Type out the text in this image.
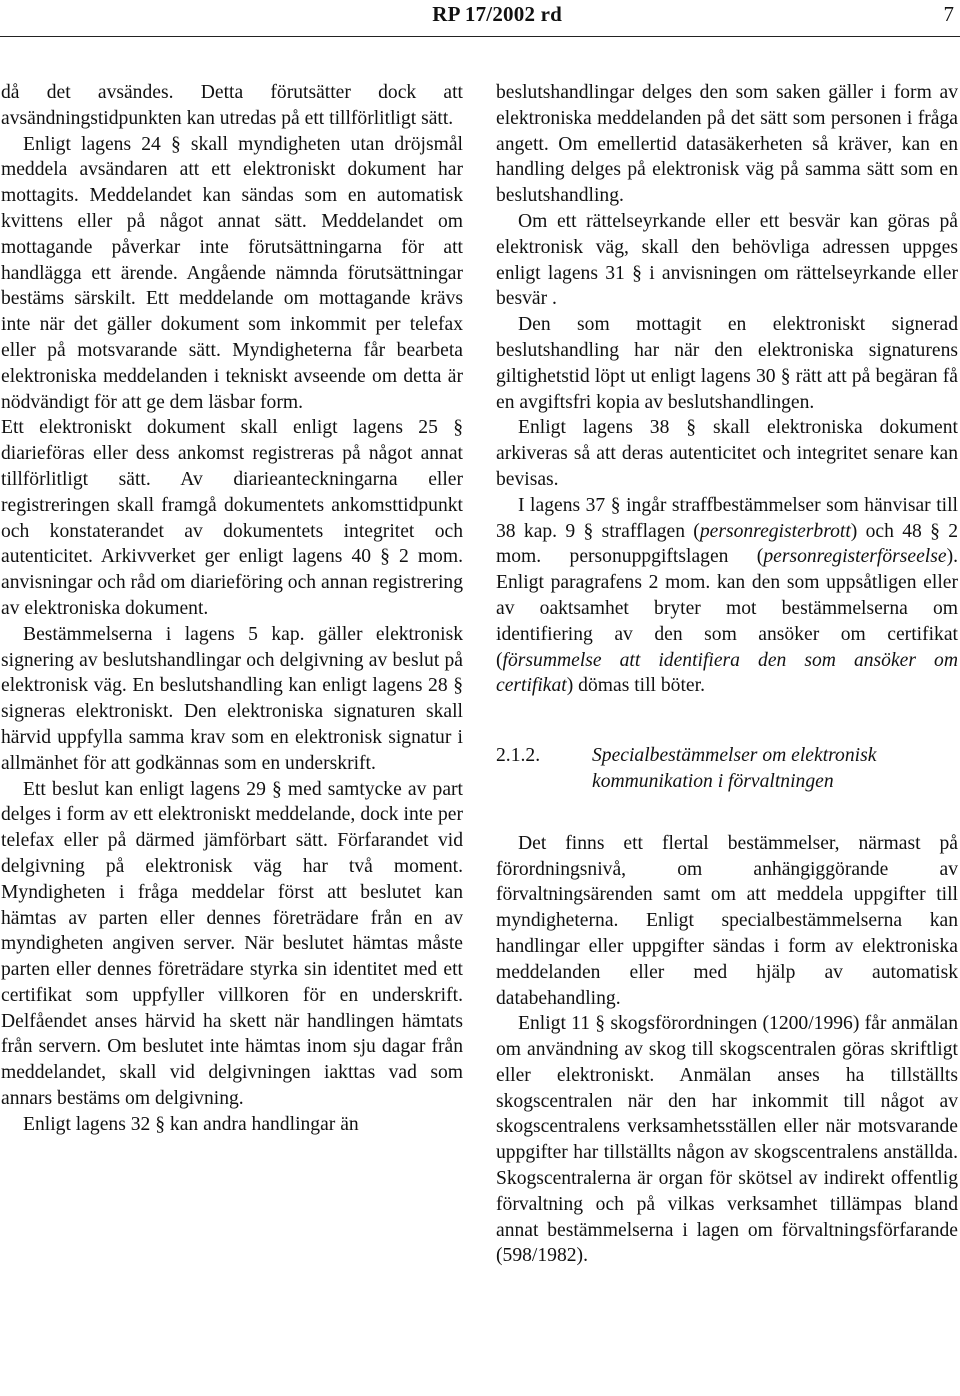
RP 17/2002 rd	7

då det avsändes. Detta förutsätter dock att avsändningstidpunkten kan utredas på ett tillförlitligt sätt.

Enligt lagens 24 § skall myndigheten utan dröjsmål meddela avsändaren att ett elektroniskt dokument har mottagits. Meddelandet kan sändas som en automatisk kvittens eller på något annat sätt. Meddelandet om mottagande påverkar inte förutsättningarna för att handlägga ett ärende. Angående nämnda förutsättningar bestäms särskilt. Ett meddelande om mottagande krävs inte när det gäller dokument som inkommit per telefax eller på motsvarande sätt. Myndigheterna får bearbeta elektroniska meddelanden i tekniskt avseende om detta är nödvändigt för att ge dem läsbar form.

Ett elektroniskt dokument skall enligt lagens 25 § diarieföras eller dess ankomst registreras på något annat tillförlitligt sätt. Av diarieanteckningarna eller registreringen skall framgå dokumentets ankomsttidpunkt och konstaterandet av dokumentets integritet och autenticitet. Arkivverket ger enligt lagens 40 § 2 mom. anvisningar och råd om diarieföring och annan registrering av elektroniska dokument.

Bestämmelserna i lagens 5 kap. gäller elektronisk signering av beslutshandlingar och delgivning av beslut på elektronisk väg. En beslutshandling kan enligt lagens 28 § signeras elektroniskt. Den elektroniska signaturen skall härvid uppfylla samma krav som en elektronisk signatur i allmänhet för att godkännas som en underskrift.

Ett beslut kan enligt lagens 29 § med samtycke av part delges i form av ett elektroniskt meddelande, dock inte per telefax eller på därmed jämförbart sätt. Förfarandet vid delgivning på elektronisk väg har två moment. Myndigheten i fråga meddelar först att beslutet kan hämtas av parten eller dennes företrädare från en av myndigheten angiven server. När beslutet hämtas måste parten eller dennes företrädare styrka sin identitet med ett certifikat som uppfyller villkoren för en underskrift. Delfåendet anses härvid ha skett när handlingen hämtats från servern. Om beslutet inte hämtas inom sju dagar från meddelandet, skall vid delgivningen iakttas vad som annars bestäms om delgivning.

Enligt lagens 32 § kan andra handlingar än

beslutshandlingar delges den som saken gäller i form av elektroniska meddelanden på det sätt som personen i fråga angett. Om emellertid datasäkerheten så kräver, kan en handling delges på elektronisk väg på samma sätt som en beslutshandling.

Om ett rättelseyrkande eller ett besvär kan göras på elektronisk väg, skall den behövliga adressen uppges enligt lagens 31 § i anvisningen om rättelseyrkande eller besvär .

Den som mottagit en elektroniskt signerad beslutshandling har när den elektroniska signaturens giltighetstid löpt ut enligt lagens 30 § rätt att på begäran få en avgiftsfri kopia av beslutshandlingen.

Enligt lagens 38 § skall elektroniska dokument arkiveras så att deras autenticitet och integritet senare kan bevisas.

I lagens 37 § ingår straffbestämmelser som hänvisar till 38 kap. 9 § strafflagen (personregisterbrott) och 48 § 2 mom. personuppgiftslagen (personregisterförseelse). Enligt paragrafens 2 mom. kan den som uppsåtligen eller av oaktsamhet bryter mot bestämmelserna om identifiering av den som ansöker om certifikat (försummelse att identifiera den som ansöker om certifikat) dömas till böter.

2.1.2.	Specialbestämmelser om elektronisk kommunikation i förvaltningen

Det finns ett flertal bestämmelser, närmast på förordningsnivå, om anhängiggörande av förvaltningsärenden samt om att meddela uppgifter till myndigheterna. Enligt specialbestämmelserna kan handlingar eller uppgifter sändas i form av elektroniska meddelanden eller med hjälp av automatisk databehandling.

Enligt 11 § skogsförordningen (1200/1996) får anmälan om användning av skog till skogscentralen göras skriftligt eller elektroniskt. Anmälan anses ha tillställts skogscentralen när den har inkommit till något av skogscentralens verksamhetsställen eller när motsvarande uppgifter har tillställts någon av skogscentralens anställda. Skogscentralerna är organ för skötsel av indirekt offentlig förvaltning och på vilkas verksamhet tillämpas bland annat bestämmelserna i lagen om förvaltningsförfarande (598/1982).
